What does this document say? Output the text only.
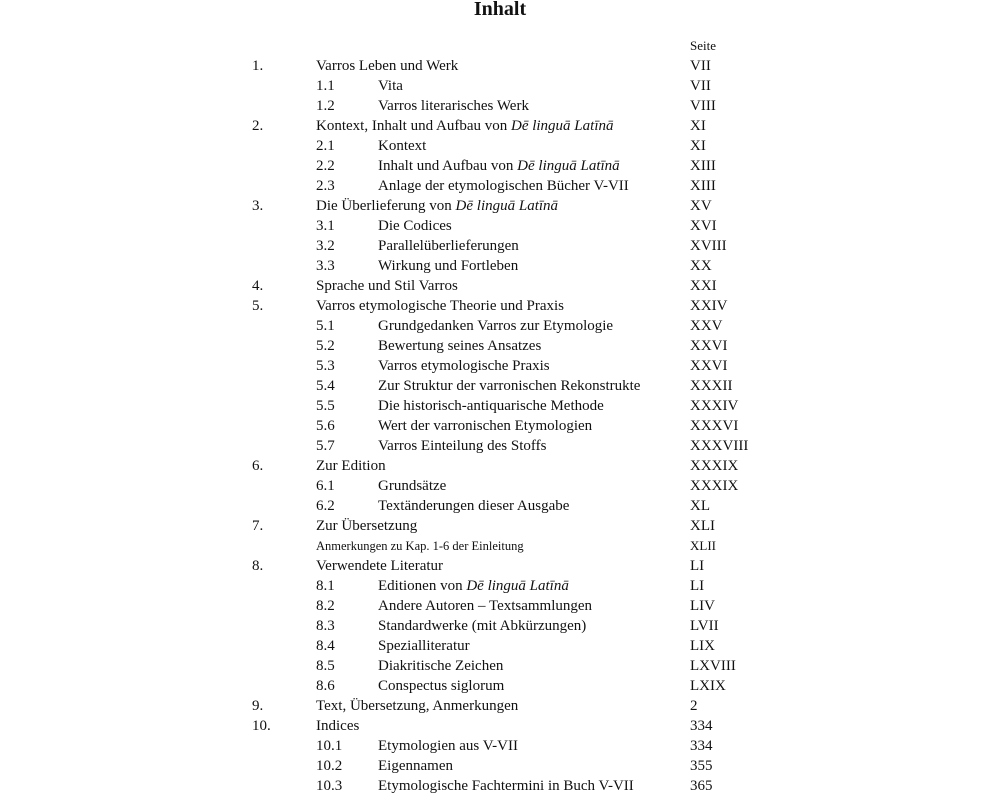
Inhalt
Seite
1.	Varros Leben und Werk	VII
1.1	Vita	VII
1.2	Varros literarisches Werk	VIII
2.	Kontext, Inhalt und Aufbau von Dē linguā Latīnā	XI
2.1	Kontext	XI
2.2	Inhalt und Aufbau von Dē linguā Latīnā	XIII
2.3	Anlage der etymologischen Bücher V-VII	XIII
3.	Die Überlieferung von Dē linguā Latīnā	XV
3.1	Die Codices	XVI
3.2	Parallelüberlieferungen	XVIII
3.3	Wirkung und Fortleben	XX
4.	Sprache und Stil Varros	XXI
5.	Varros etymologische Theorie und Praxis	XXIV
5.1	Grundgedanken Varros zur Etymologie	XXV
5.2	Bewertung seines Ansatzes	XXVI
5.3	Varros etymologische Praxis	XXVI
5.4	Zur Struktur der varronischen Rekonstrukte	XXXII
5.5	Die historisch-antiquarische Methode	XXXIV
5.6	Wert der varronischen Etymologien	XXXVI
5.7	Varros Einteilung des Stoffs	XXXVIII
6.	Zur Edition	XXXIX
6.1	Grundsätze	XXXIX
6.2	Textänderungen dieser Ausgabe	XL
7.	Zur Übersetzung	XLI
Anmerkungen zu Kap. 1-6 der Einleitung	XLII
8.	Verwendete Literatur	LI
8.1	Editionen von Dē linguā Latīnā	LI
8.2	Andere Autoren – Textsammlungen	LIV
8.3	Standardwerke (mit Abkürzungen)	LVII
8.4	Spezialliteratur	LIX
8.5	Diakritische Zeichen	LXVIII
8.6	Conspectus siglorum	LXIX
9.	Text, Übersetzung, Anmerkungen	2
10.	Indices	334
10.1 Etymologien aus V-VII	334
10.2 Eigennamen	355
10.3 Etymologische Fachtermini in Buch V-VII	365
